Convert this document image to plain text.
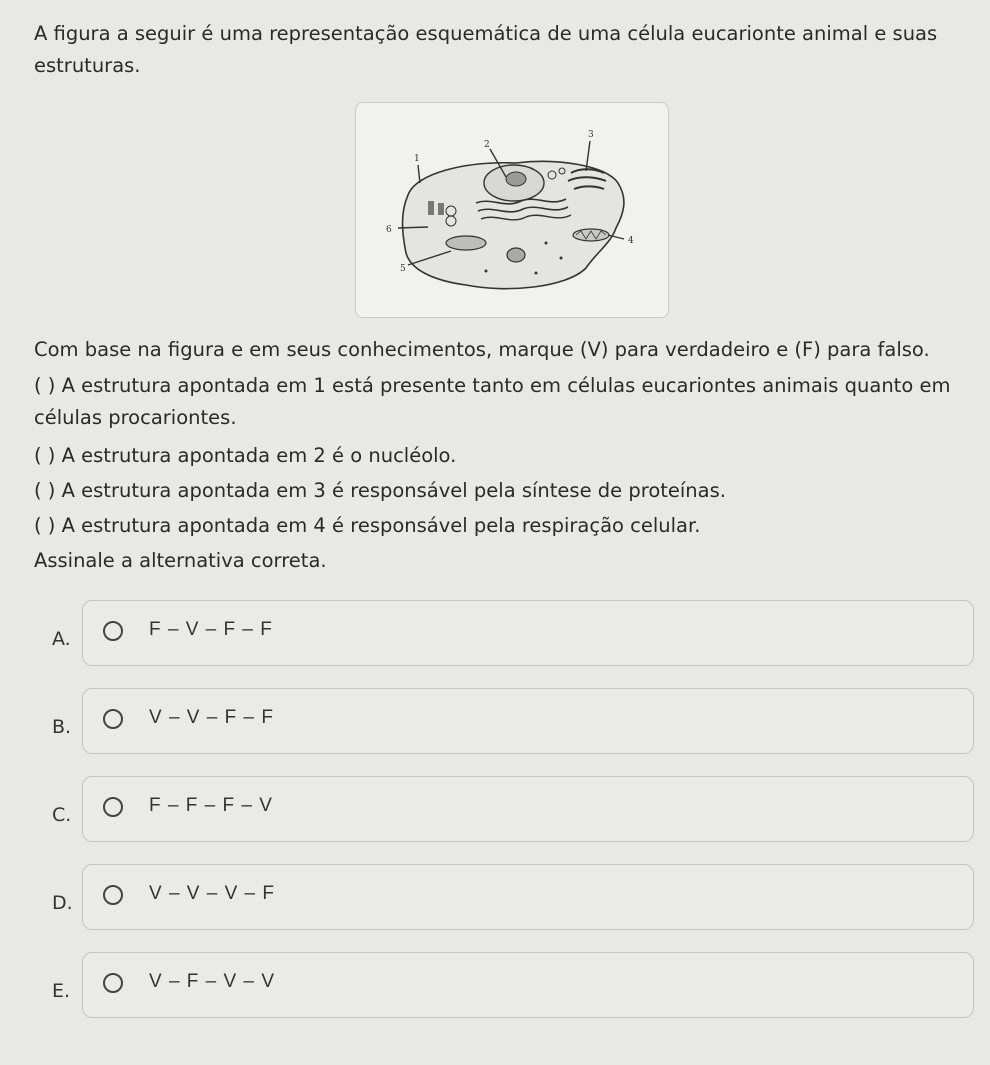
A figura a seguir é uma representação esquemática de uma célula eucarionte animal e suas estruturas.

1
2
3
4
5
6

Com base na figura e em seus conhecimentos, marque (V) para verdadeiro e (F) para falso.

( ) A estrutura apontada em 1 está presente tanto em células eucariontes animais quanto em células procariontes.

( ) A estrutura apontada em 2 é o nucléolo.

( ) A estrutura apontada em 3 é responsável pela síntese de proteínas.

( ) A estrutura apontada em 4 é responsável pela respiração celular.

Assinale a alternativa correta.

A.	F – V – F – F
B.	V – V – F – F
C.	F – F – F – V
D.	V – V – V – F
E.	V – F – V – V
